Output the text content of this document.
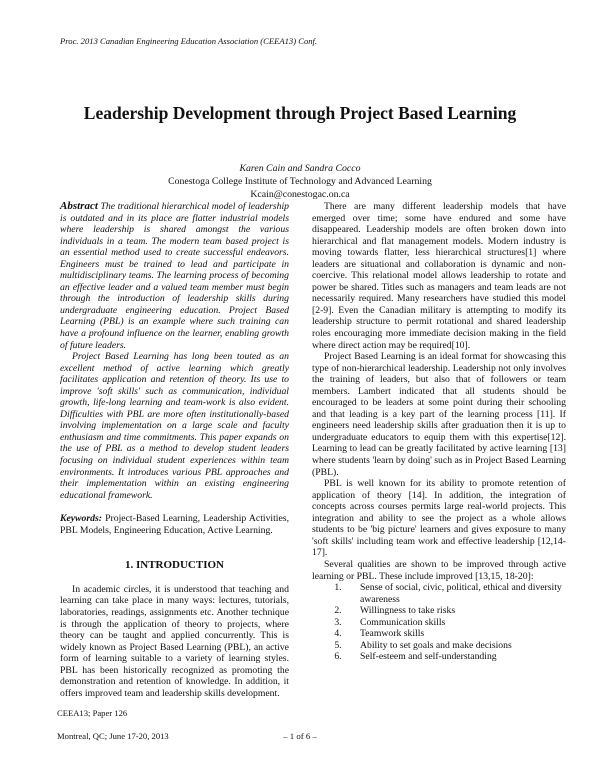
Proc. 2013 Canadian Engineering Education Association (CEEA13) Conf.
Leadership Development through Project Based Learning
Karen Cain and Sandra Cocco
Conestoga College Institute of Technology and Advanced Learning
Kcain@conestogac.on.ca

Abstract The traditional hierarchical model of leadership is outdated and in its place are flatter industrial models where leadership is shared amongst the various individuals in a team. The modern team based project is an essential method used to create successful endeavors. Engineers must be trained to lead and participate in multidisciplinary teams. The learning process of becoming an effective leader and a valued team member must begin through the introduction of leadership skills during undergraduate engineering education. Project Based Learning (PBL) is an example where such training can have a profound influence on the learner, enabling growth of future leaders.

Project Based Learning has long been touted as an excellent method of active learning which greatly facilitates application and retention of theory. Its use to improve 'soft skills' such as communication, individual growth, life-long learning and team-work is also evident. Difficulties with PBL are more often institutionally-based involving implementation on a large scale and faculty enthusiasm and time commitments. This paper expands on the use of PBL as a method to develop student leaders focusing on individual student experiences within team environments. It introduces various PBL approaches and their implementation within an existing engineering educational framework.

Keywords: Project-Based Learning, Leadership Activities, PBL Models, Engineering Education, Active Learning.

1. INTRODUCTION

In academic circles, it is understood that teaching and learning can take place in many ways: lectures, tutorials, laboratories, readings, assignments etc. Another technique is through the application of theory to projects, where theory can be taught and applied concurrently. This is widely known as Project Based Learning (PBL), an active form of learning suitable to a variety of learning styles. PBL has been historically recognized as promoting the demonstration and retention of knowledge. In addition, it offers improved team and leadership skills development.

There are many different leadership models that have emerged over time; some have endured and some have disappeared. Leadership models are often broken down into hierarchical and flat management models. Modern industry is moving towards flatter, less hierarchical structures[1] where leaders are situational and collaboration is dynamic and non-coercive. This relational model allows leadership to rotate and power be shared. Titles such as managers and team leads are not necessarily required. Many researchers have studied this model [2-9]. Even the Canadian military is attempting to modify its leadership structure to permit rotational and shared leadership roles encouraging more immediate decision making in the field where direct action may be required[10].

Project Based Learning is an ideal format for showcasing this type of non-hierarchical leadership. Leadership not only involves the training of leaders, but also that of followers or team members. Lambert indicated that all students should be encouraged to be leaders at some point during their schooling and that leading is a key part of the learning process [11]. If engineers need leadership skills after graduation then it is up to undergraduate educators to equip them with this expertise[12]. Learning to lead can be greatly facilitated by active learning [13] where students 'learn by doing' such as in Project Based Learning (PBL).

PBL is well known for its ability to promote retention of application of theory [14]. In addition, the integration of concepts across courses permits large real-world projects. This integration and ability to see the project as a whole allows students to be 'big picture' learners and gives exposure to many 'soft skills' including team work and effective leadership [12,14-17].

Several qualities are shown to be improved through active learning or PBL. These include improved [13,15, 18-20]:

1. Sense of social, civic, political, ethical and diversity awareness
2. Willingness to take risks
3. Communication skills
4. Teamwork skills
5. Ability to set goals and make decisions
6. Self-esteem and self-understanding
CEEA13; Paper 126
Montreal, QC; June 17-20, 2013	– 1 of 6 –
